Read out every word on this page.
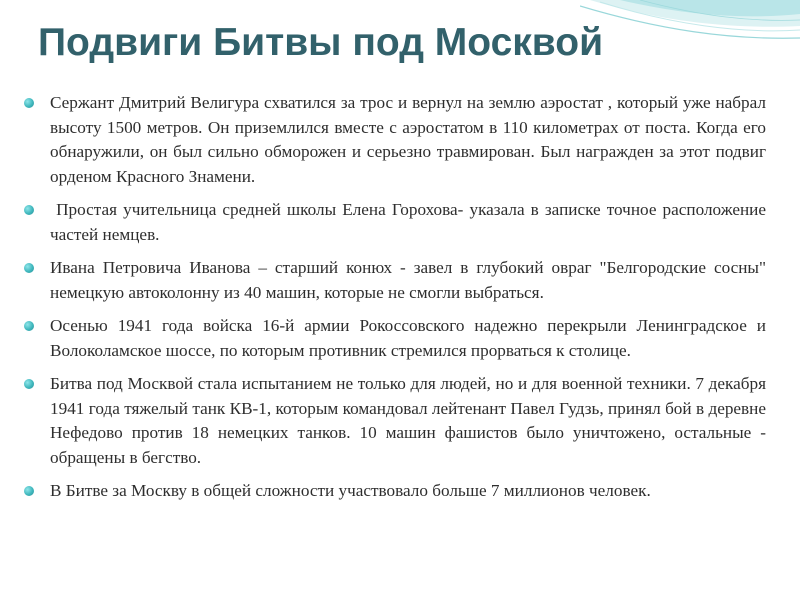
Подвиги Битвы под Москвой
Сержант Дмитрий Велигура схватился за трос и вернул на землю аэростат , который уже набрал высоту 1500 метров. Он приземлился вместе с аэростатом в 110 километрах от поста. Когда его обнаружили, он был сильно обморожен и серьезно травмирован. Был награжден за этот подвиг орденом Красного Знамени.
Простая учительница средней школы Елена Горохова- указала в записке точное расположение частей немцев.
Ивана Петровича Иванова – старший конюх - завел в глубокий овраг "Белгородские сосны" немецкую автоколонну из 40 машин, которые не смогли выбраться.
Осенью 1941 года войска 16-й армии Рокоссовского надежно перекрыли Ленинградское и Волоколамское шоссе, по которым противник стремился прорваться к столице.
Битва под Москвой стала испытанием не только для людей, но и для военной техники. 7 декабря 1941 года тяжелый танк КВ-1, которым командовал лейтенант Павел Гудзь, принял бой в деревне Нефедово против 18 немецких танков. 10 машин фашистов было уничтожено, остальные - обращены в бегство.
В Битве за Москву в общей сложности участвовало больше 7 миллионов человек.
